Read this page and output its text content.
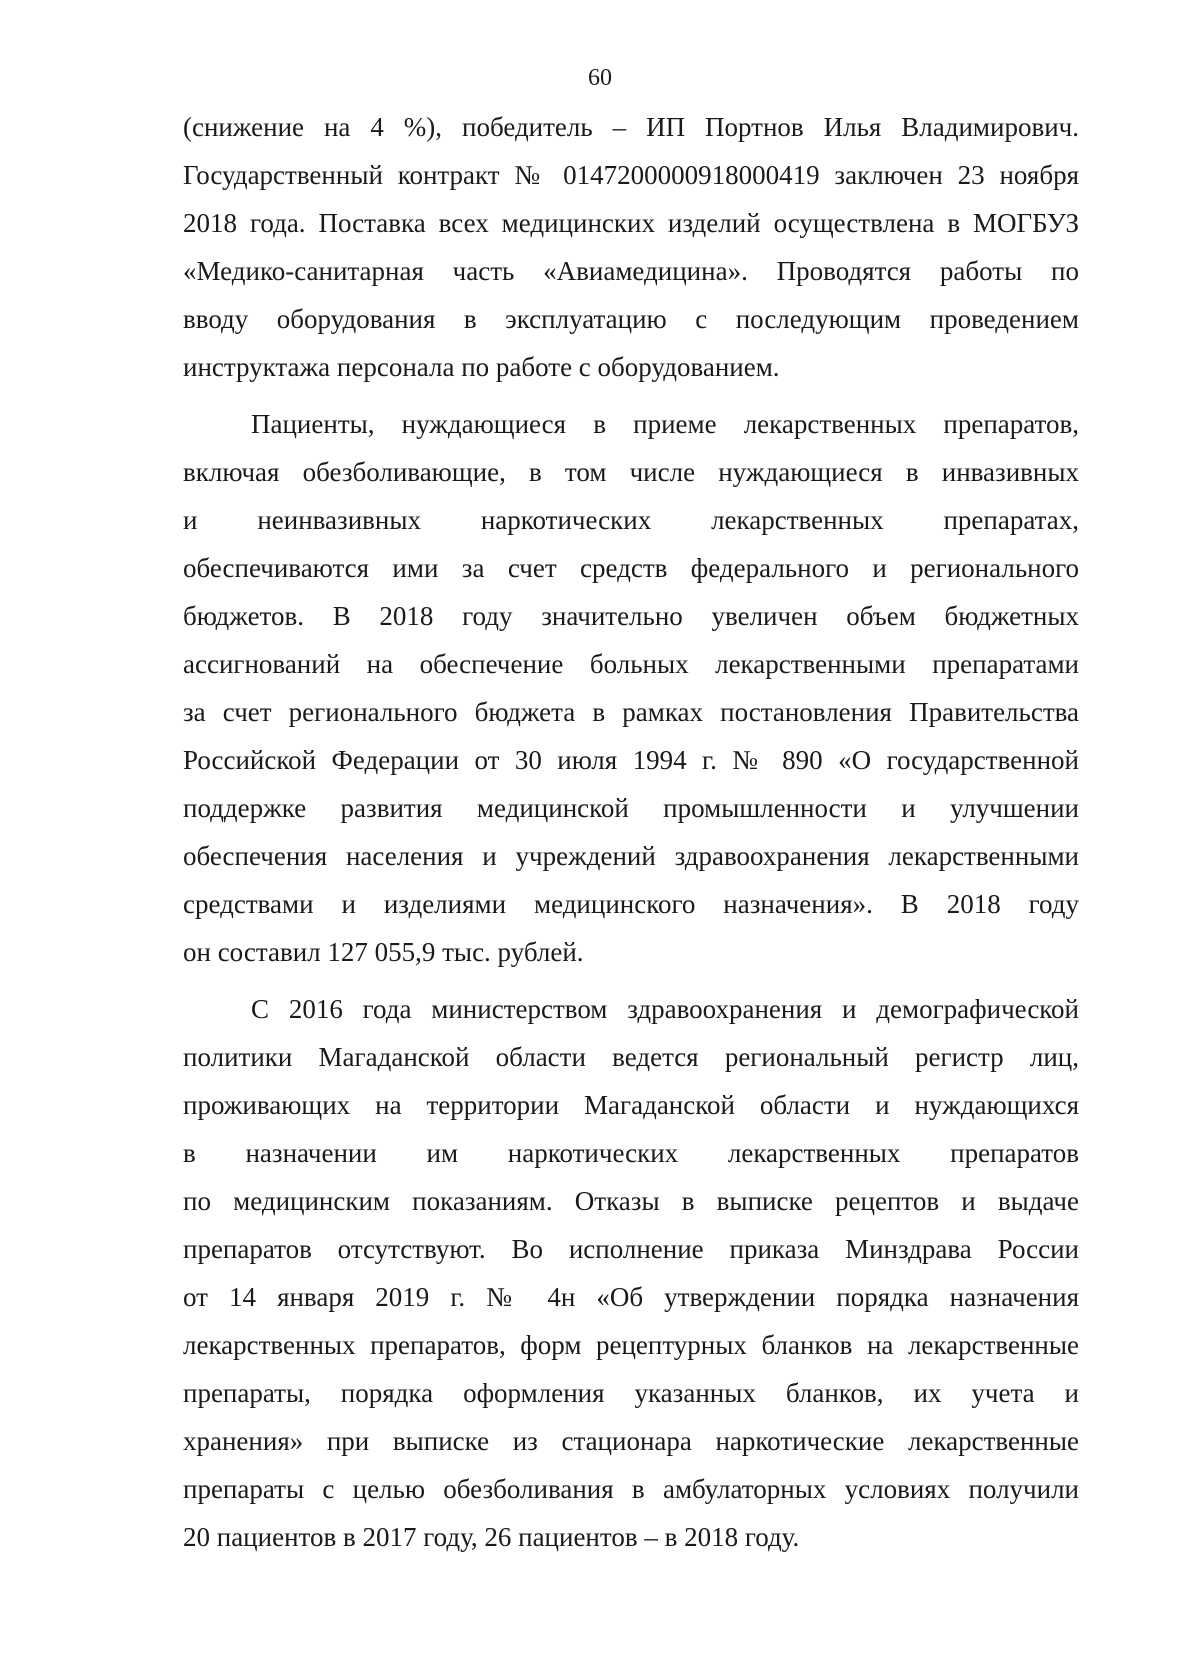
60
(снижение на 4 %), победитель – ИП Портнов Илья Владимирович.
Государственный контракт № 0147200000918000419 заключен 23 ноября
2018 года. Поставка всех медицинских изделий осуществлена в МОГБУЗ
«Медико-санитарная часть «Авиамедицина». Проводятся работы по
вводу оборудования в эксплуатацию с последующим проведением
инструктажа персонала по работе с оборудованием.
Пациенты, нуждающиеся в приеме лекарственных препаратов,
включая обезболивающие, в том числе нуждающиеся в инвазивных
и неинвазивных наркотических лекарственных препаратах,
обеспечиваются ими за счет средств федерального и регионального
бюджетов. В 2018 году значительно увеличен объем бюджетных
ассигнований на обеспечение больных лекарственными препаратами
за счет регионального бюджета в рамках постановления Правительства
Российской Федерации от 30 июля 1994 г. № 890 «О государственной
поддержке развития медицинской промышленности и улучшении
обеспечения населения и учреждений здравоохранения лекарственными
средствами и изделиями медицинского назначения». В 2018 году
он составил 127 055,9 тыс. рублей.
С 2016 года министерством здравоохранения и демографической
политики Магаданской области ведется региональный регистр лиц,
проживающих на территории Магаданской области и нуждающихся
в назначении им наркотических лекарственных препаратов
по медицинским показаниям. Отказы в выписке рецептов и выдаче
препаратов отсутствуют. Во исполнение приказа Минздрава России
от 14 января 2019 г. № 4н «Об утверждении порядка назначения
лекарственных препаратов, форм рецептурных бланков на лекарственные
препараты, порядка оформления указанных бланков, их учета и
хранения» при выписке из стационара наркотические лекарственные
препараты с целью обезболивания в амбулаторных условиях получили
20 пациентов в 2017 году, 26 пациентов – в 2018 году.
